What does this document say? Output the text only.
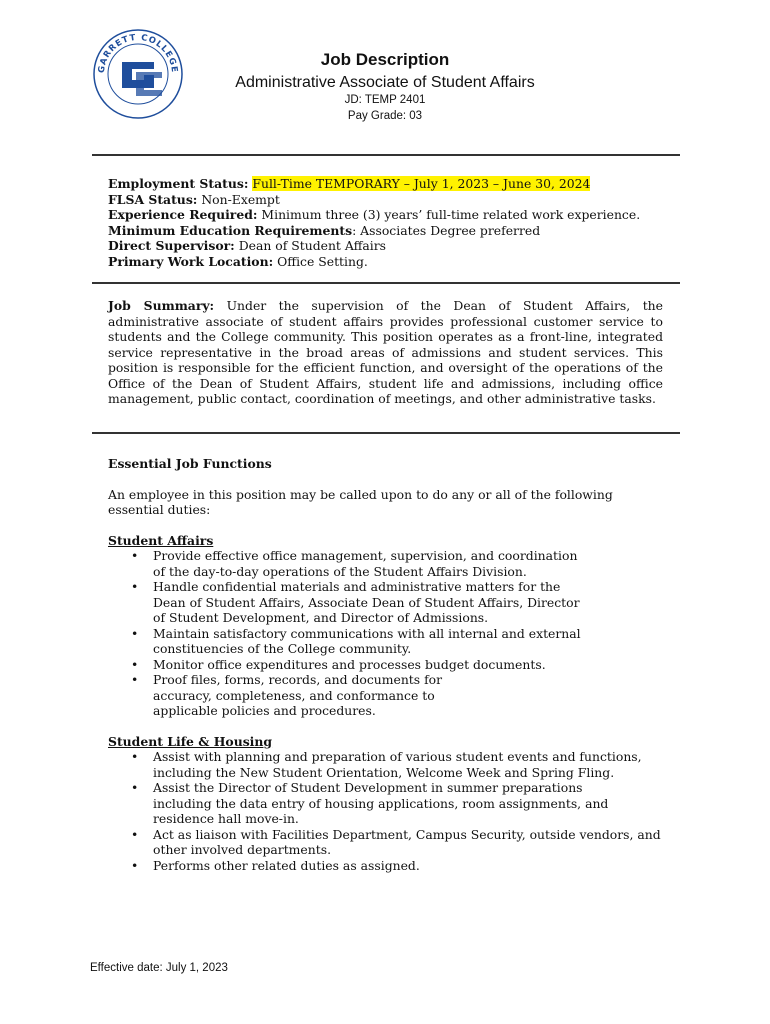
GARRETT COLLEGE
Job Description
Administrative Associate of Student Affairs
JD: TEMP 2401
Pay Grade: 03

Employment Status: Full-Time TEMPORARY – July 1, 2023 – June 30, 2024

FLSA Status: Non-Exempt

Experience Required: Minimum three (3) years’ full-time related work experience.

Minimum Education Requirements: Associates Degree preferred

Direct Supervisor: Dean of Student Affairs

Primary Work Location: Office Setting.

Job Summary: Under the supervision of the Dean of Student Affairs, the administrative associate of student affairs provides professional customer service to students and the College community. This position operates as a front-line, integrated service representative in the broad areas of admissions and student services. This position is responsible for the efficient function, and oversight of the operations of the Office of the Dean of Student Affairs, student life and admissions, including office management, public contact, coordination of meetings, and other administrative tasks.

Essential Job Functions

An employee in this position may be called upon to do any or all of the following essential duties:

Student Affairs

• Provide effective office management, supervision, and coordination of the day-to-day operations of the Student Affairs Division.
• Handle confidential materials and administrative matters for the Dean of Student Affairs, Associate Dean of Student Affairs, Director of Student Development, and Director of Admissions.
• Maintain satisfactory communications with all internal and external constituencies of the College community.
• Monitor office expenditures and processes budget documents.
• Proof files, forms, records, and documents for accuracy, completeness, and conformance to applicable policies and procedures.

Student Life & Housing

• Assist with planning and preparation of various student events and functions, including the New Student Orientation, Welcome Week and Spring Fling.
• Assist the Director of Student Development in summer preparations including the data entry of housing applications, room assignments, and residence hall move-in.
• Act as liaison with Facilities Department, Campus Security, outside vendors, and other involved departments.
• Performs other related duties as assigned.
Effective date: July 1, 2023
